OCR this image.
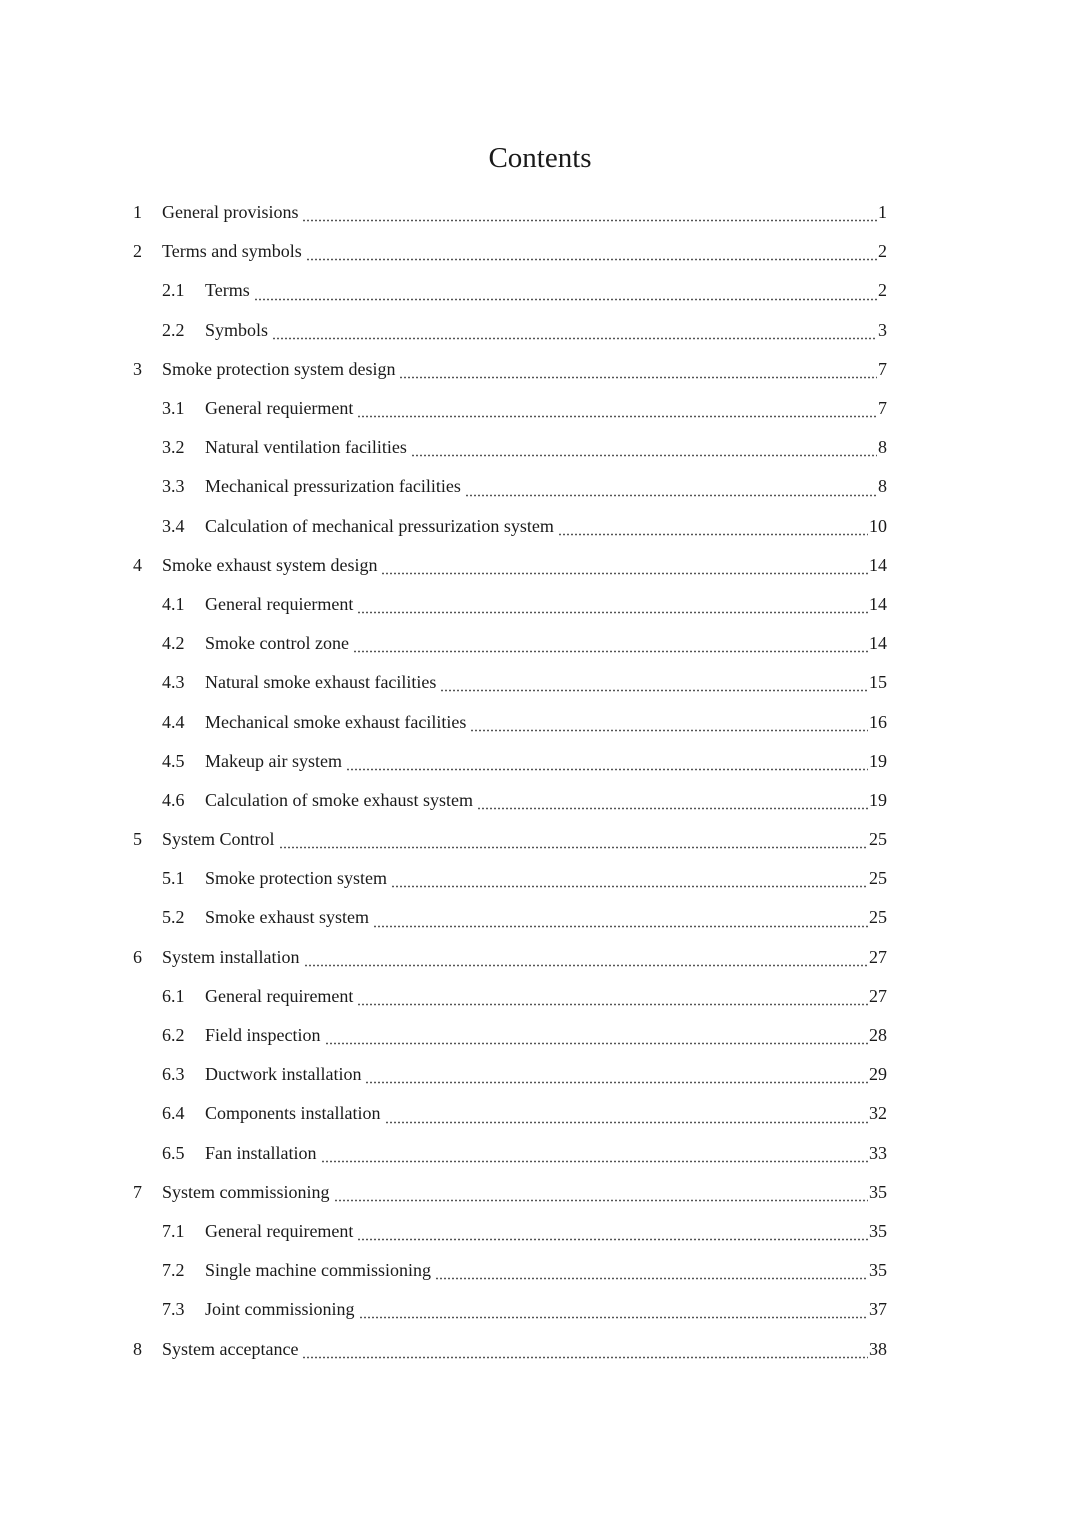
Contents
1	General provisions	1
2	Terms and symbols	2
2.1	Terms	2
2.2	Symbols	3
3	Smoke protection system design	7
3.1	General requierment	7
3.2	Natural ventilation facilities	8
3.3	Mechanical pressurization facilities	8
3.4	Calculation of mechanical pressurization system	10
4	Smoke exhaust system design	14
4.1	General requierment	14
4.2	Smoke control zone	14
4.3	Natural smoke exhaust facilities	15
4.4	Mechanical smoke exhaust facilities	16
4.5	Makeup air system	19
4.6	Calculation of smoke exhaust system	19
5	System Control	25
5.1	Smoke protection system	25
5.2	Smoke exhaust system	25
6	System installation	27
6.1	General requirement	27
6.2	Field inspection	28
6.3	Ductwork installation	29
6.4	Components installation	32
6.5	Fan installation	33
7	System commissioning	35
7.1	General requirement	35
7.2	Single machine commissioning	35
7.3	Joint commissioning	37
8	System acceptance	38
